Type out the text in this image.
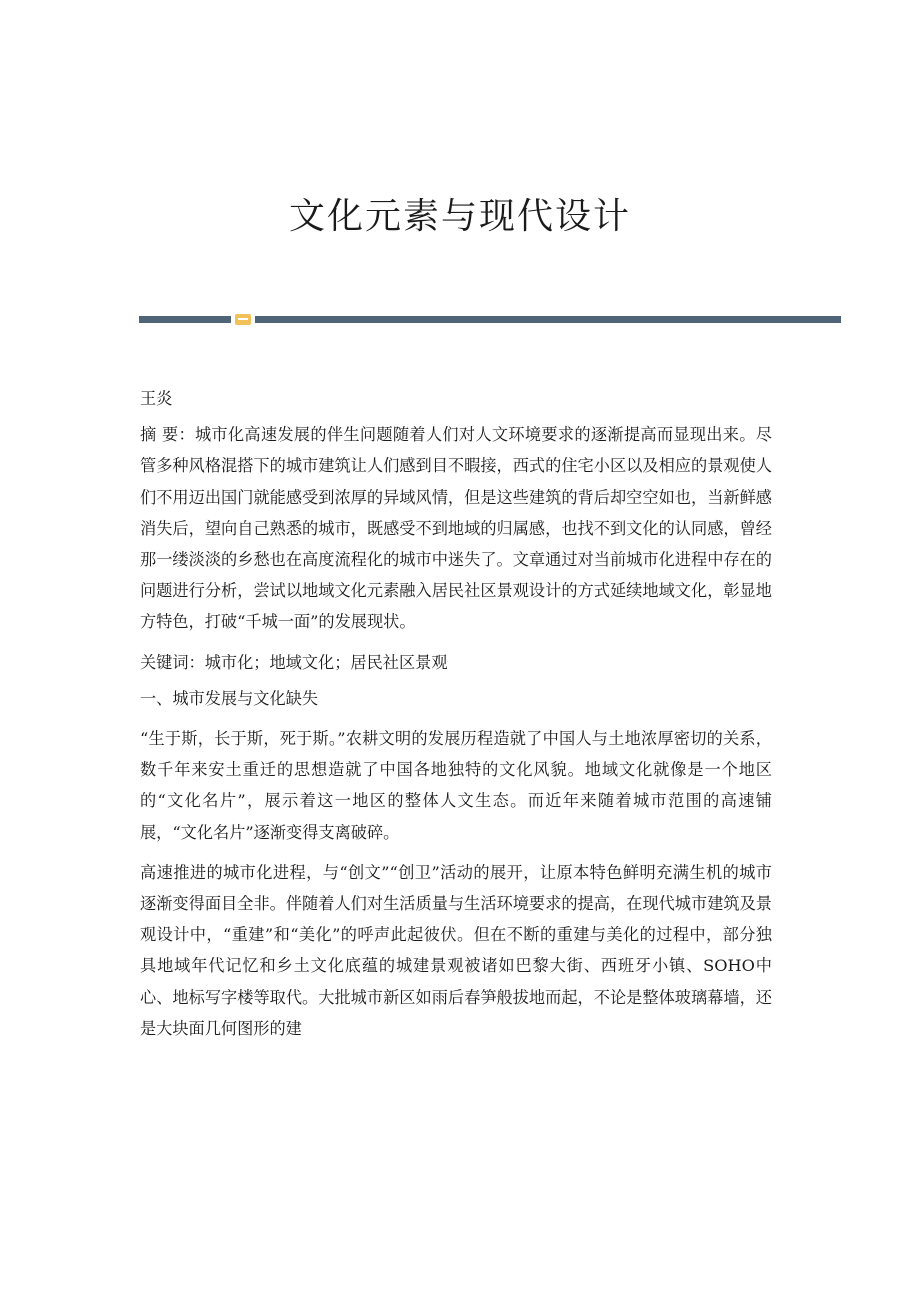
文化元素与现代设计

王炎

摘 要：城市化高速发展的伴生问题随着人们对人文环境要求的逐渐提高而显现出来。尽管多种风格混搭下的城市建筑让人们感到目不暇接，西式的住宅小区以及相应的景观使人们不用迈出国门就能感受到浓厚的异域风情，但是这些建筑的背后却空空如也，当新鲜感消失后，望向自己熟悉的城市，既感受不到地域的归属感，也找不到文化的认同感，曾经那一缕淡淡的乡愁也在高度流程化的城市中迷失了。文章通过对当前城市化进程中存在的问题进行分析，尝试以地域文化元素融入居民社区景观设计的方式延续地域文化，彰显地方特色，打破“千城一面”的发展现状。

关键词：城市化；地域文化；居民社区景观

一、城市发展与文化缺失

“生于斯，长于斯，死于斯。”农耕文明的发展历程造就了中国人与土地浓厚密切的关系，数千年来安土重迁的思想造就了中国各地独特的文化风貌。地域文化就像是一个地区的“文化名片”，展示着这一地区的整体人文生态。而近年来随着城市范围的高速铺展，“文化名片”逐渐变得支离破碎。

高速推进的城市化进程，与“创文”“创卫”活动的展开，让原本特色鲜明充满生机的城市逐渐变得面目全非。伴随着人们对生活质量与生活环境要求的提高，在现代城市建筑及景观设计中，“重建”和“美化”的呼声此起彼伏。但在不断的重建与美化的过程中，部分独具地域年代记忆和乡土文化底蕴的城建景观被诸如巴黎大街、西班牙小镇、SOHO中心、地标写字楼等取代。大批城市新区如雨后春笋般拔地而起，不论是整体玻璃幕墙，还是大块面几何图形的建
